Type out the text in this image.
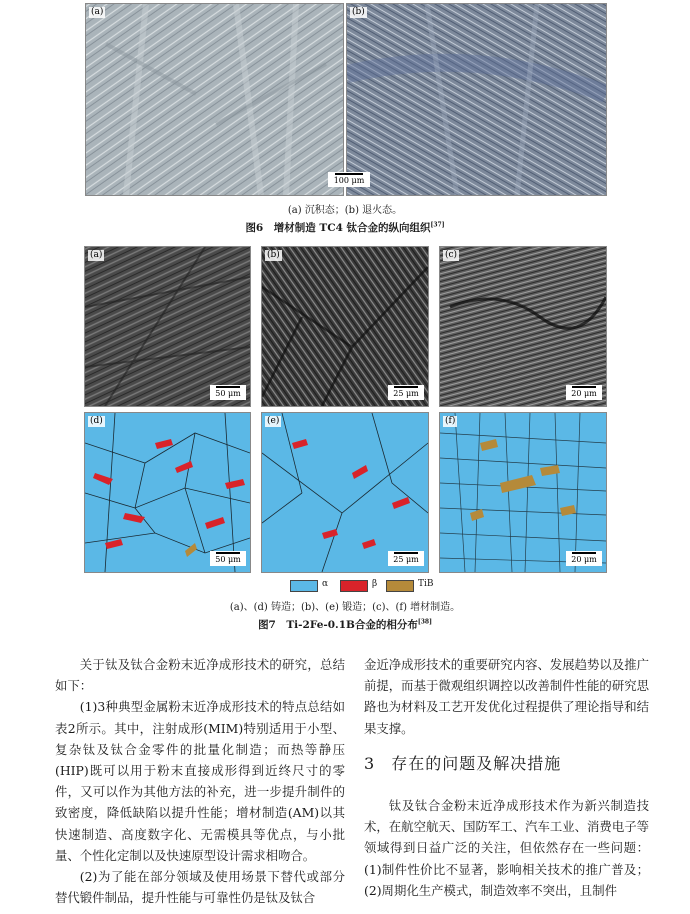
(a)	(b)
100 μm
(a) 沉积态；(b) 退火态。
图6　增材制造 TC4 钛合金的纵向组织[37]
(a)
50 μm
(b)
25 μm
(c)
20 μm
(d)
50 μm
(e)
25 μm
(f)
20 μm
α	β	TiB
(a)、(d) 铸造；(b)、(e) 锻造；(c)、(f) 增材制造。
图7　Ti-2Fe-0.1B合金的相分布[38]

关于钛及钛合金粉末近净成形技术的研究，总结如下：

(1)3种典型金属粉末近净成形技术的特点总结如表2所示。其中，注射成形(MIM)特别适用于小型、复杂钛及钛合金零件的批量化制造；而热等静压(HIP)既可以用于粉末直接成形得到近终尺寸的零件，又可以作为其他方法的补充，进一步提升制件的致密度，降低缺陷以提升性能；增材制造(AM)以其快速制造、高度数字化、无需模具等优点，与小批量、个性化定制以及快速原型设计需求相吻合。

(2)为了能在部分领域及使用场景下替代或部分替代锻件制品，提升性能与可靠性仍是钛及钛合

金近净成形技术的重要研究内容、发展趋势以及推广前提，而基于微观组织调控以改善制件性能的研究思路也为材料及工艺开发优化过程提供了理论指导和结果支撑。

3 存在的问题及解决措施

钛及钛合金粉末近净成形技术作为新兴制造技术，在航空航天、国防军工、汽车工业、消费电子等领域得到日益广泛的关注，但依然存在一些问题：(1)制件性价比不显著，影响相关技术的推广普及；(2)周期化生产模式，制造效率不突出，且制件
